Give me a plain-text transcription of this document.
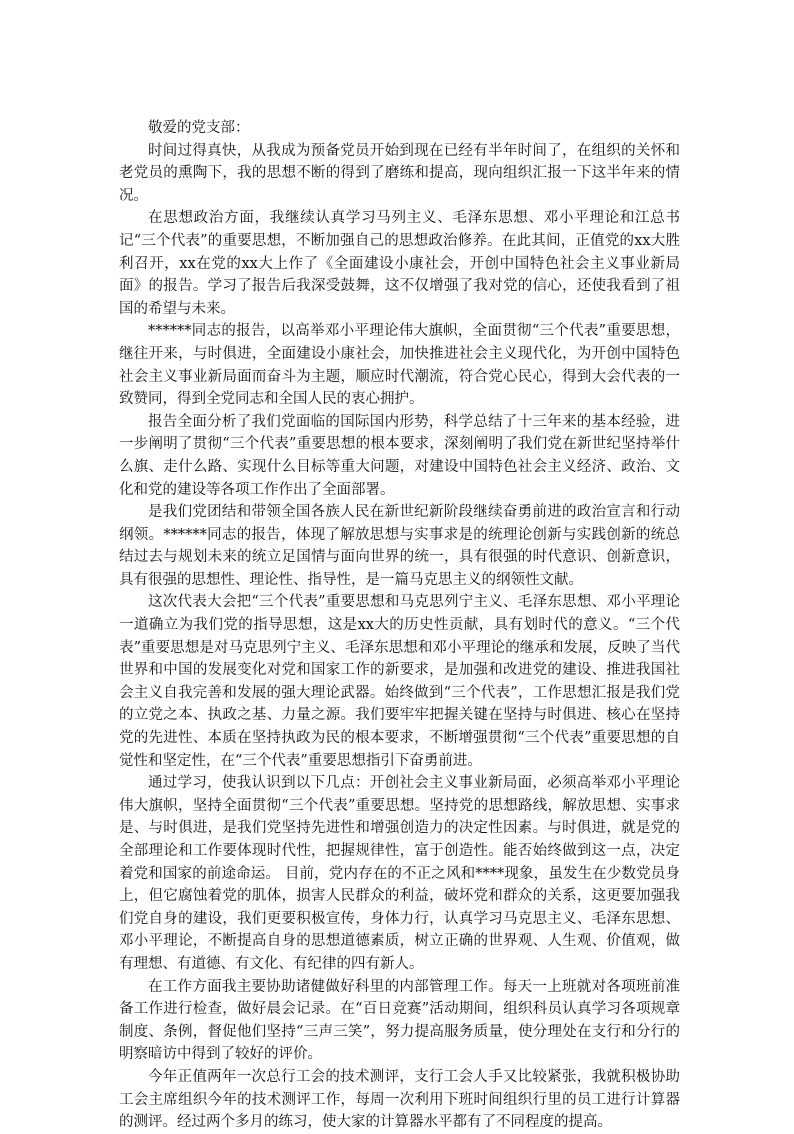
敬爱的党支部：

时间过得真快，从我成为预备党员开始到现在已经有半年时间了，在组织的关怀和老党员的熏陶下，我的思想不断的得到了磨练和提高，现向组织汇报一下这半年来的情况。

在思想政治方面，我继续认真学习马列主义、毛泽东思想、邓小平理论和江总书记“三个代表”的重要思想，不断加强自己的思想政治修养。在此其间，正值党的xx大胜利召开，xx在党的xx大上作了《全面建设小康社会，开创中国特色社会主义事业新局面》的报告。学习了报告后我深受鼓舞，这不仅增强了我对党的信心，还使我看到了祖国的希望与未来。

******同志的报告，以高举邓小平理论伟大旗帜，全面贯彻“三个代表”重要思想，继往开来，与时俱进，全面建设小康社会，加快推进社会主义现代化，为开创中国特色社会主义事业新局面而奋斗为主题，顺应时代潮流，符合党心民心，得到大会代表的一致赞同，得到全党同志和全国人民的衷心拥护。

报告全面分析了我们党面临的国际国内形势，科学总结了十三年来的基本经验，进一步阐明了贯彻“三个代表”重要思想的根本要求，深刻阐明了我们党在新世纪坚持举什么旗、走什么路、实现什么目标等重大问题，对建设中国特色社会主义经济、政治、文化和党的建设等各项工作作出了全面部署。

是我们党团结和带领全国各族人民在新世纪新阶段继续奋勇前进的政治宣言和行动纲领。******同志的报告，体现了解放思想与实事求是的统理论创新与实践创新的统总结过去与规划未来的统立足国情与面向世界的统一，具有很强的时代意识、创新意识，具有很强的思想性、理论性、指导性，是一篇马克思主义的纲领性文献。

这次代表大会把“三个代表”重要思想和马克思列宁主义、毛泽东思想、邓小平理论一道确立为我们党的指导思想，这是xx大的历史性贡献，具有划时代的意义。“三个代表”重要思想是对马克思列宁主义、毛泽东思想和邓小平理论的继承和发展，反映了当代世界和中国的发展变化对党和国家工作的新要求，是加强和改进党的建设、推进我国社会主义自我完善和发展的强大理论武器。始终做到“三个代表”，工作思想汇报是我们党的立党之本、执政之基、力量之源。我们要牢牢把握关键在坚持与时俱进、核心在坚持党的先进性、本质在坚持执政为民的根本要求，不断增强贯彻“三个代表”重要思想的自觉性和坚定性，在“三个代表”重要思想指引下奋勇前进。

通过学习，使我认识到以下几点：开创社会主义事业新局面，必须高举邓小平理论伟大旗帜，坚持全面贯彻“三个代表”重要思想。坚持党的思想路线，解放思想、实事求是、与时俱进，是我们党坚持先进性和增强创造力的决定性因素。与时俱进，就是党的全部理论和工作要体现时代性，把握规律性，富于创造性。能否始终做到这一点，决定着党和国家的前途命运。 目前，党内存在的不正之风和****现象，虽发生在少数党员身上，但它腐蚀着党的肌体，损害人民群众的利益，破坏党和群众的关系，这更要加强我们党自身的建设，我们更要积极宣传，身体力行，认真学习马克思主义、毛泽东思想、邓小平理论，不断提高自身的思想道德素质，树立正确的世界观、人生观、价值观，做有理想、有道德、有文化、有纪律的四有新人。

在工作方面我主要协助诸健做好科里的内部管理工作。每天一上班就对各项班前准备工作进行检查，做好晨会记录。在“百日竞赛”活动期间，组织科员认真学习各项规章制度、条例，督促他们坚持“三声三笑”，努力提高服务质量，使分理处在支行和分行的明察暗访中得到了较好的评价。

今年正值两年一次总行工会的技术测评，支行工会人手又比较紧张，我就积极协助工会主席组织今年的技术测评工作，每周一次利用下班时间组织行里的员工进行计算器的测评。经过两个多月的练习，使大家的计算器水平都有了不同程度的提高。
